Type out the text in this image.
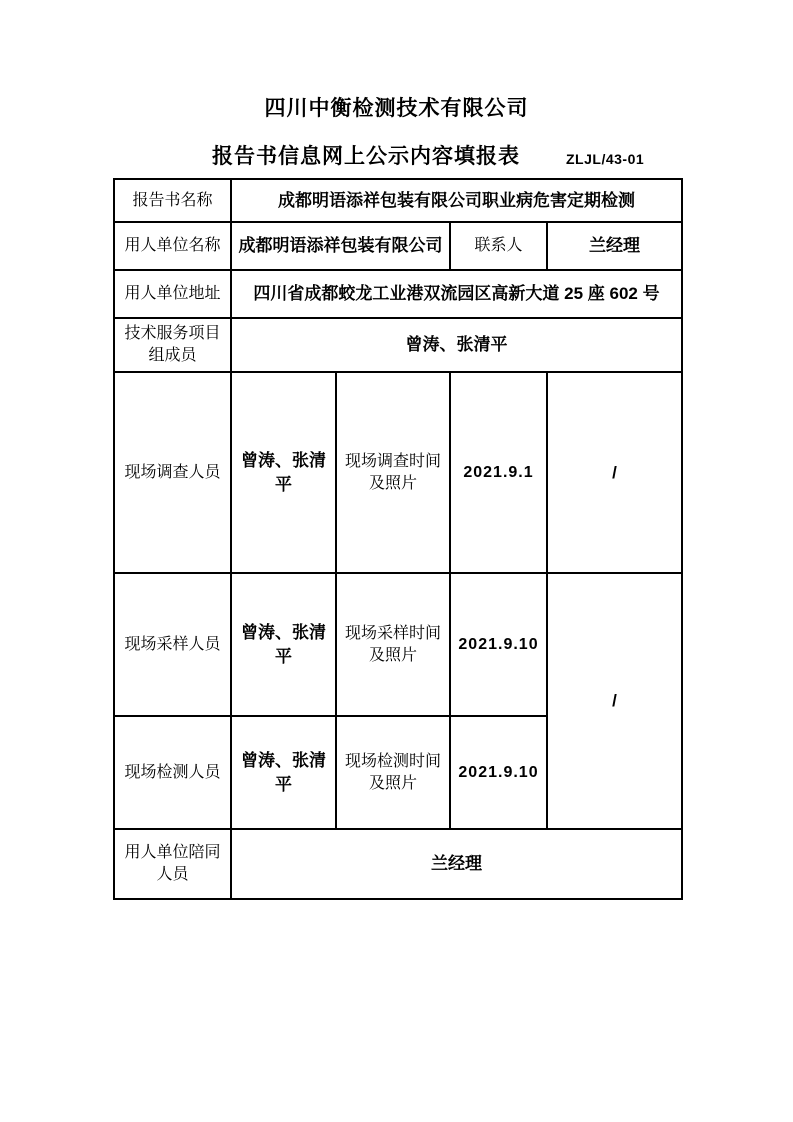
四川中衡检测技术有限公司
报告书信息网上公示内容填报表	ZLJL/43-01
报告书名称	成都明语添祥包装有限公司职业病危害定期检测			
用人单位名称	成都明语添祥包装有限公司		联系人	兰经理
用人单位地址	四川省成都蛟龙工业港双流园区高新大道 25 座 602 号			
技术服务项目组成员	曾涛、张清平			
现场调查人员	曾涛、张清平	现场调查时间及照片	2021.9.1	/
现场采样人员	曾涛、张清平	现场采样时间及照片	2021.9.10	/
现场检测人员	曾涛、张清平	现场检测时间及照片	2021.9.10	
用人单位陪同人员	兰经理			
